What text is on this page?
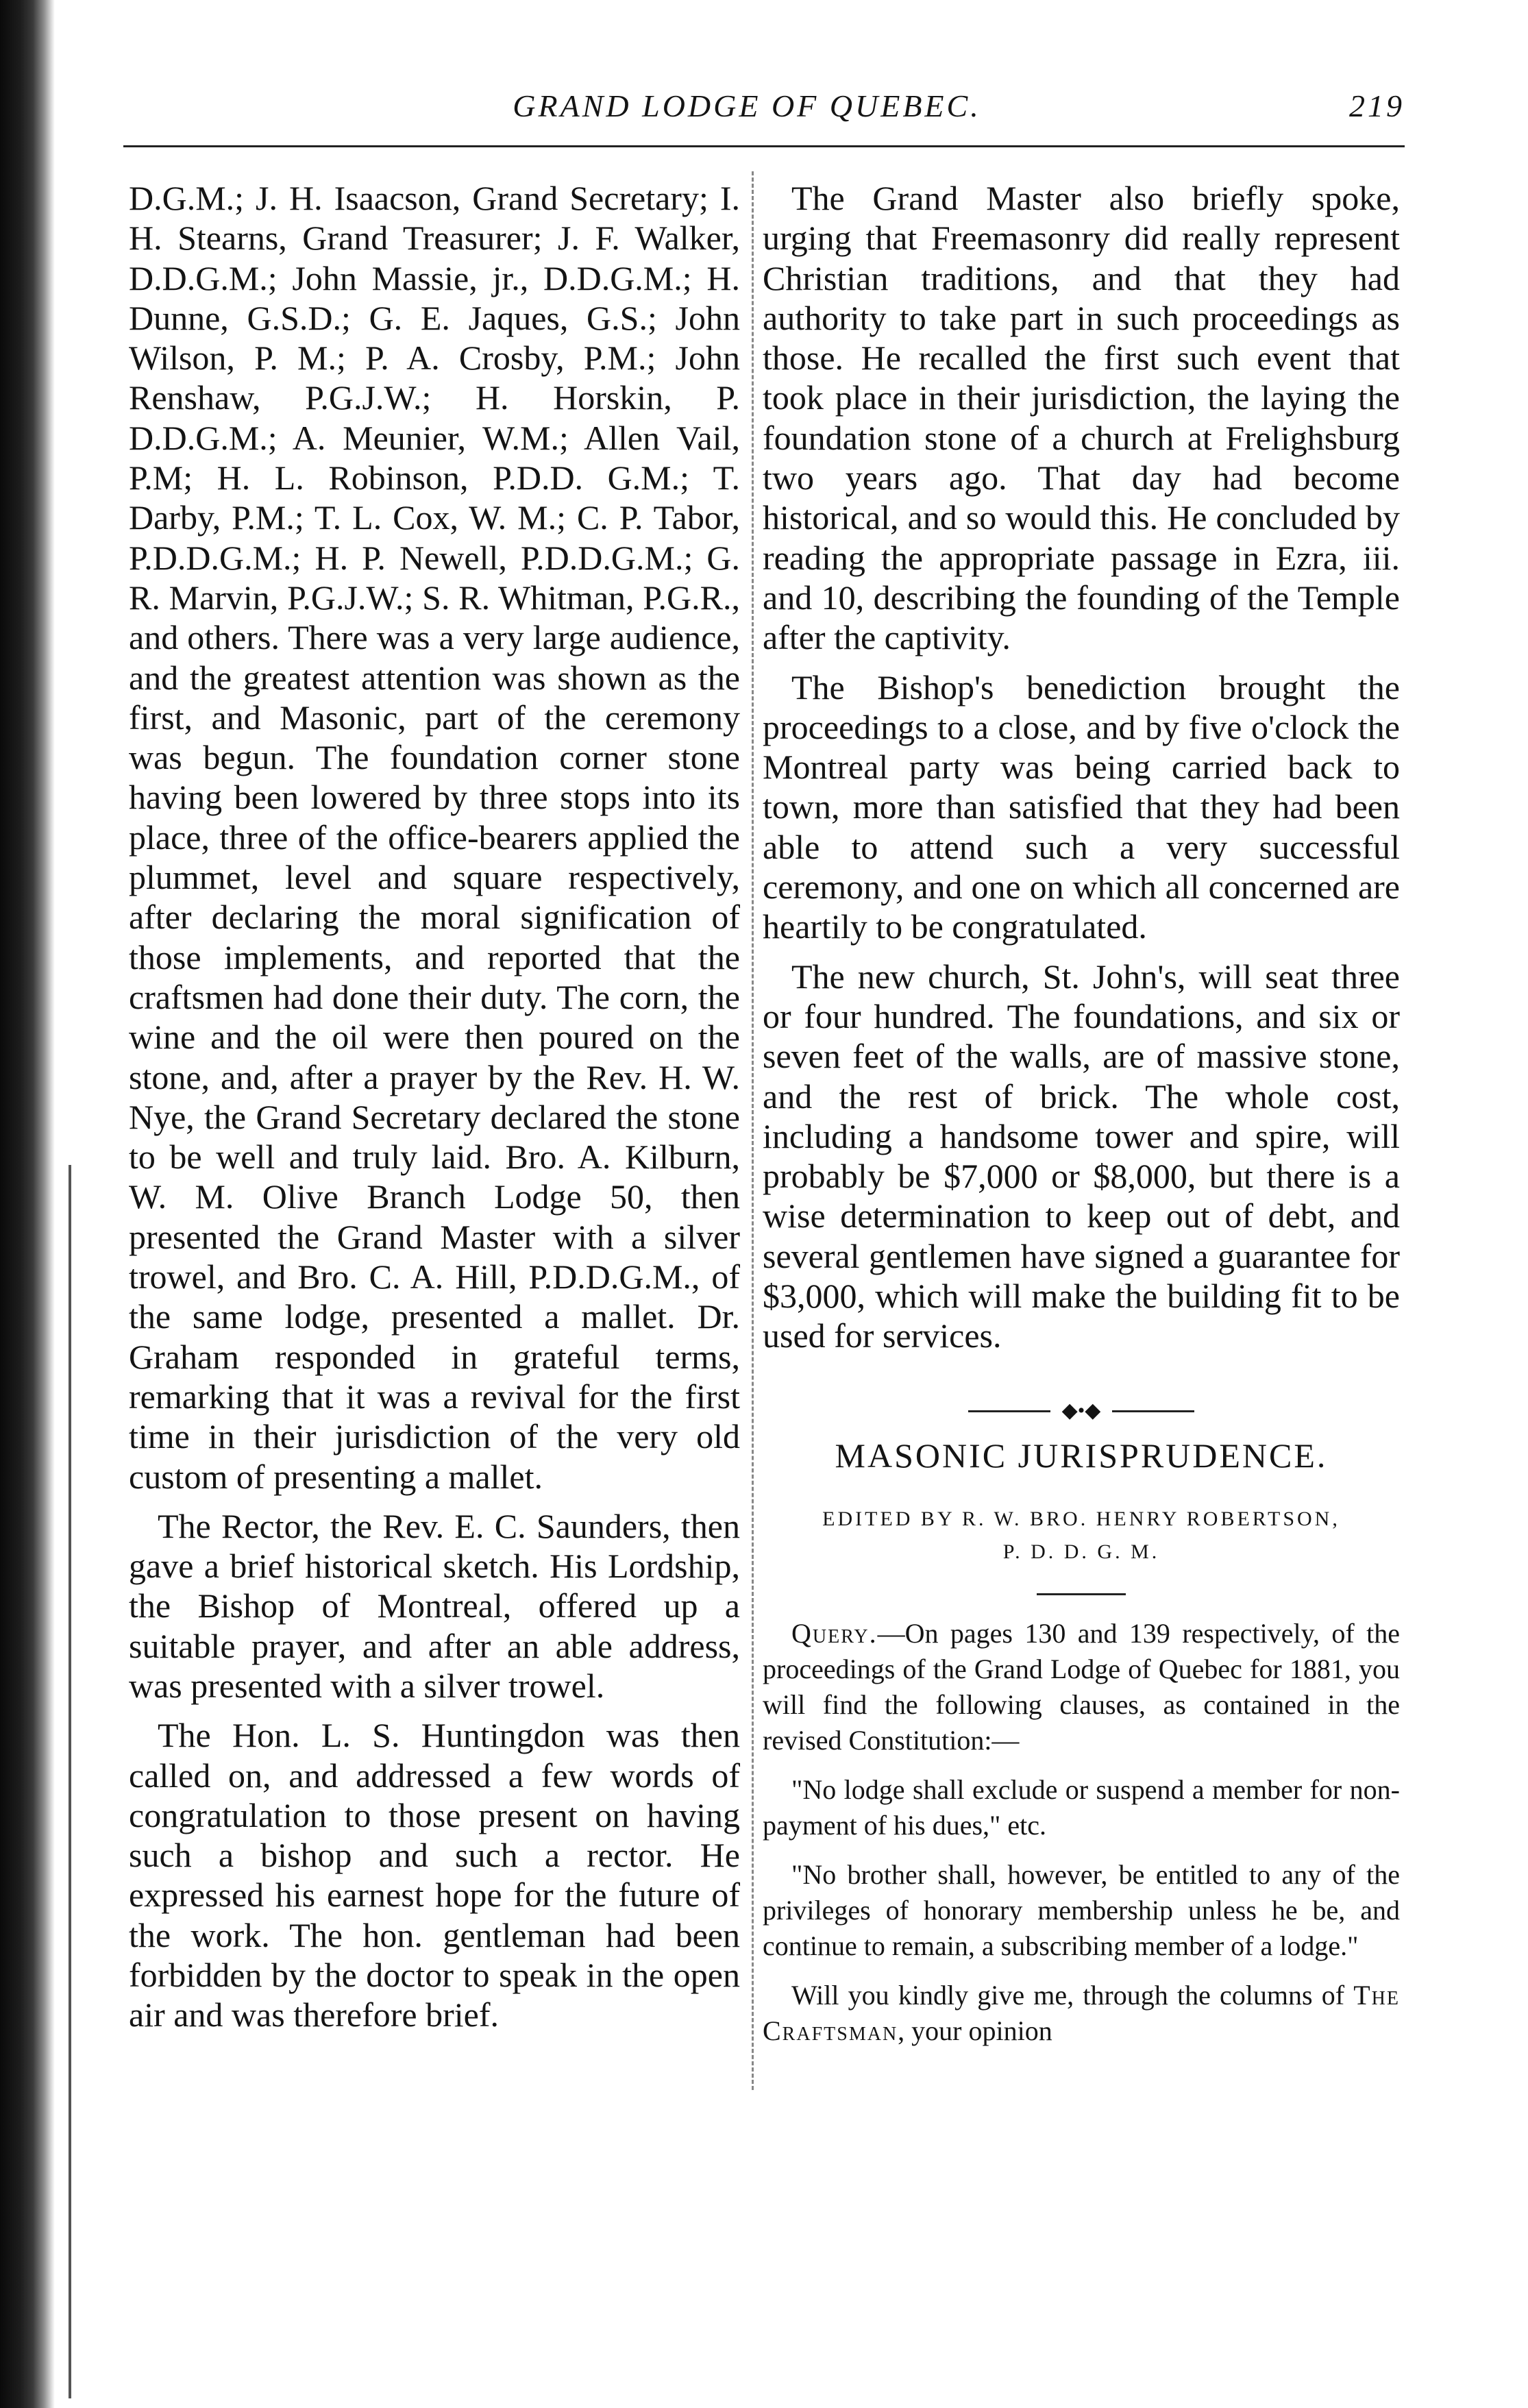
GRAND LODGE OF QUEBEC.	219

D.G.M.; J. H. Isaacson, Grand Secretary; I. H. Stearns, Grand Treasurer; J. F. Walker, D.D.G.M.; John Massie, jr., D.D.G.M.; H. Dunne, G.S.D.; G. E. Jaques, G.S.; John Wilson, P. M.; P. A. Crosby, P.M.; John Renshaw, P.G.J.W.; H. Horskin, P. D.D.G.M.; A. Meunier, W.M.; Allen Vail, P.M; H. L. Robinson, P.D.D. G.M.; T. Darby, P.M.; T. L. Cox, W. M.; C. P. Tabor, P.D.D.G.M.; H. P. Newell, P.D.D.G.M.; G. R. Marvin, P.G.J.W.; S. R. Whitman, P.G.R., and others. There was a very large audience, and the greatest attention was shown as the first, and Masonic, part of the ceremony was begun. The foundation corner stone having been lowered by three stops into its place, three of the office-bearers applied the plummet, level and square respectively, after declaring the moral signification of those implements, and reported that the craftsmen had done their duty. The corn, the wine and the oil were then poured on the stone, and, after a prayer by the Rev. H. W. Nye, the Grand Secretary declared the stone to be well and truly laid. Bro. A. Kilburn, W. M. Olive Branch Lodge 50, then presented the Grand Master with a silver trowel, and Bro. C. A. Hill, P.D.D.G.M., of the same lodge, presented a mallet. Dr. Graham responded in grateful terms, remarking that it was a revival for the first time in their jurisdiction of the very old custom of presenting a mallet.

The Rector, the Rev. E. C. Saunders, then gave a brief historical sketch. His Lordship, the Bishop of Montreal, offered up a suitable prayer, and after an able address, was presented with a silver trowel.

The Hon. L. S. Huntingdon was then called on, and addressed a few words of congratulation to those present on having such a bishop and such a rector. He expressed his earnest hope for the future of the work. The hon. gentleman had been forbidden by the doctor to speak in the open air and was therefore brief.

The Grand Master also briefly spoke, urging that Freemasonry did really represent Christian traditions, and that they had authority to take part in such proceedings as those. He recalled the first such event that took place in their jurisdiction, the laying the foundation stone of a church at Frelighsburg two years ago. That day had become historical, and so would this. He concluded by reading the appropriate passage in Ezra, iii. and 10, describing the founding of the Temple after the captivity.

The Bishop's benediction brought the proceedings to a close, and by five o'clock the Montreal party was being carried back to town, more than satisfied that they had been able to attend such a very successful ceremony, and one on which all concerned are heartily to be congratulated.

The new church, St. John's, will seat three or four hundred. The foundations, and six or seven feet of the walls, are of massive stone, and the rest of brick. The whole cost, including a handsome tower and spire, will probably be $7,000 or $8,000, but there is a wise determination to keep out of debt, and several gentlemen have signed a guarantee for $3,000, which will make the building fit to be used for services.

◆•◆
MASONIC JURISPRUDENCE.
EDITED BY R. W. BRO. HENRY ROBERTSON,
P. D. D. G. M.

Query.—On pages 130 and 139 respectively, of the proceedings of the Grand Lodge of Quebec for 1881, you will find the following clauses, as contained in the revised Constitution:—

"No lodge shall exclude or suspend a member for non-payment of his dues," etc.

"No brother shall, however, be entitled to any of the privileges of honorary membership unless he be, and continue to remain, a subscribing member of a lodge."

Will you kindly give me, through the columns of The Craftsman, your opinion
